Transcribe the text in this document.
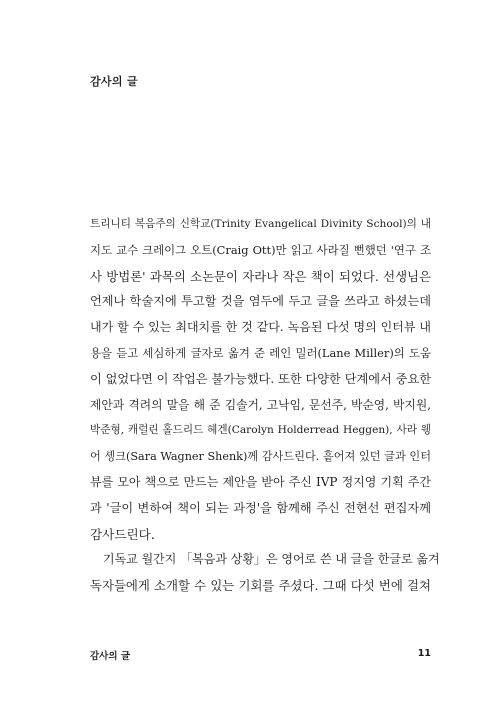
감사의 글
트리니티 복음주의 신학교(Trinity Evangelical Divinity School)의 내
지도 교수 크레이그 오트(Craig Ott)만 읽고 사라질 뻔했던 '연구 조
사 방법론' 과목의 소논문이 자라나 작은 책이 되었다. 선생님은
언제나 학술지에 투고할 것을 염두에 두고 글을 쓰라고 하셨는데
내가 할 수 있는 최대치를 한 것 같다. 녹음된 다섯 명의 인터뷰 내
용을 듣고 세심하게 글자로 옮겨 준 레인 밀러(Lane Miller)의 도움
이 없었다면 이 작업은 불가능했다. 또한 다양한 단계에서 중요한
제안과 격려의 말을 해 준 김솔거, 고낙임, 문선주, 박순영, 박지원,
박준형, 캐럴린 홀드리드 헤겐(Carolyn Holderread Heggen), 사라 웽
어 솅크(Sara Wagner Shenk)께 감사드린다. 흩어져 있던 글과 인터
뷰를 모아 책으로 만드는 제안을 받아 주신 IVP 정지영 기획 주간
과 '글이 변하여 책이 되는 과정'을 함께해 주신 전현선 편집자께
감사드린다.
기독교 월간지 「복음과 상황」은 영어로 쓴 내 글을 한글로 옮겨
독자들에게 소개할 수 있는 기회를 주셨다. 그때 다섯 번에 걸쳐
감사의 글	11
